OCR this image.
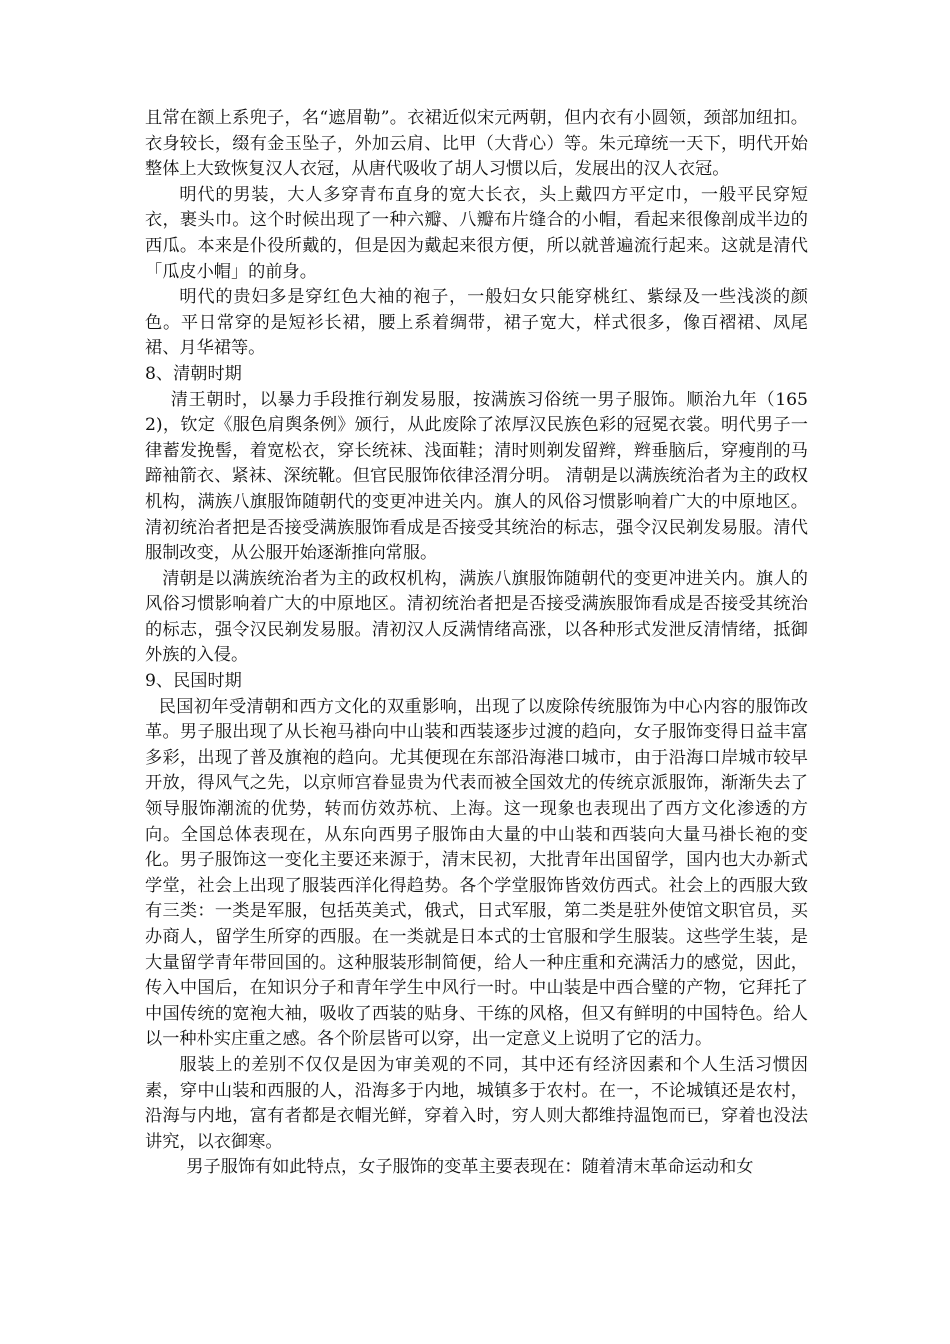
且常在额上系兜子，名“遮眉勒”。衣裙近似宋元两朝，但内衣有小圆领，颈部加纽扣。衣身较长，缀有金玉坠子，外加云肩、比甲（大背心）等。朱元璋统一天下，明代开始整体上大致恢复汉人衣冠，从唐代吸收了胡人习惯以后，发展出的汉人衣冠。

明代的男装，大人多穿青布直身的宽大长衣，头上戴四方平定巾，一般平民穿短衣，裹头巾。这个时候出现了一种六瓣、八瓣布片缝合的小帽，看起来很像剖成半边的西瓜。本来是仆役所戴的，但是因为戴起来很方便，所以就普遍流行起来。这就是清代「瓜皮小帽」的前身。

明代的贵妇多是穿红色大袖的袍子，一般妇女只能穿桃红、紫绿及一些浅淡的颜色。平日常穿的是短衫长裙，腰上系着绸带，裙子宽大，样式很多，像百褶裙、凤尾裙、月华裙等。

8、清朝时期

清王朝时，以暴力手段推行剃发易服，按满族习俗统一男子服饰。顺治九年（1652)，钦定《服色肩舆条例》颁行，从此废除了浓厚汉民族色彩的冠冕衣裳。明代男子一律蓄发挽髻，着宽松衣，穿长统袜、浅面鞋；清时则剃发留辫，辫垂脑后，穿瘦削的马蹄袖箭衣、紧袜、深统靴。但官民服饰依律泾渭分明。 清朝是以满族统治者为主的政权机构，满族八旗服饰随朝代的变更冲进关内。旗人的风俗习惯影响着广大的中原地区。清初统治者把是否接受满族服饰看成是否接受其统治的标志，强令汉民剃发易服。清代服制改变，从公服开始逐渐推向常服。

清朝是以满族统治者为主的政权机构，满族八旗服饰随朝代的变更冲进关内。旗人的风俗习惯影响着广大的中原地区。清初统治者把是否接受满族服饰看成是否接受其统治的标志，强令汉民剃发易服。清初汉人反满情绪高涨，以各种形式发泄反清情绪，抵御外族的入侵。

9、民国时期

民国初年受清朝和西方文化的双重影响，出现了以废除传统服饰为中心内容的服饰改革。男子服出现了从长袍马褂向中山装和西装逐步过渡的趋向，女子服饰变得日益丰富多彩，出现了普及旗袍的趋向。尤其便现在东部沿海港口城市，由于沿海口岸城市较早开放，得风气之先，以京师宫眷显贵为代表而被全国效尤的传统京派服饰，渐渐失去了领导服饰潮流的优势，转而仿效苏杭、上海。这一现象也表现出了西方文化渗透的方向。全国总体表现在，从东向西男子服饰由大量的中山装和西装向大量马褂长袍的变化。男子服饰这一变化主要还来源于，清末民初，大批青年出国留学，国内也大办新式学堂，社会上出现了服装西洋化得趋势。各个学堂服饰皆效仿西式。社会上的西服大致有三类：一类是军服，包括英美式，俄式，日式军服，第二类是驻外使馆文职官员，买办商人，留学生所穿的西服。在一类就是日本式的士官服和学生服装。这些学生装，是大量留学青年带回国的。这种服装形制简便，给人一种庄重和充满活力的感觉，因此，传入中国后，在知识分子和青年学生中风行一时。中山装是中西合璧的产物，它拜托了中国传统的宽袍大袖，吸收了西装的贴身、干练的风格，但又有鲜明的中国特色。给人以一种朴实庄重之感。各个阶层皆可以穿，出一定意义上说明了它的活力。

服装上的差别不仅仅是因为审美观的不同，其中还有经济因素和个人生活习惯因素，穿中山装和西服的人，沿海多于内地，城镇多于农村。在一，不论城镇还是农村，沿海与内地，富有者都是衣帽光鲜，穿着入时，穷人则大都维持温饱而已，穿着也没法讲究，以衣御寒。

男子服饰有如此特点，女子服饰的变革主要表现在：随着清末革命运动和女
